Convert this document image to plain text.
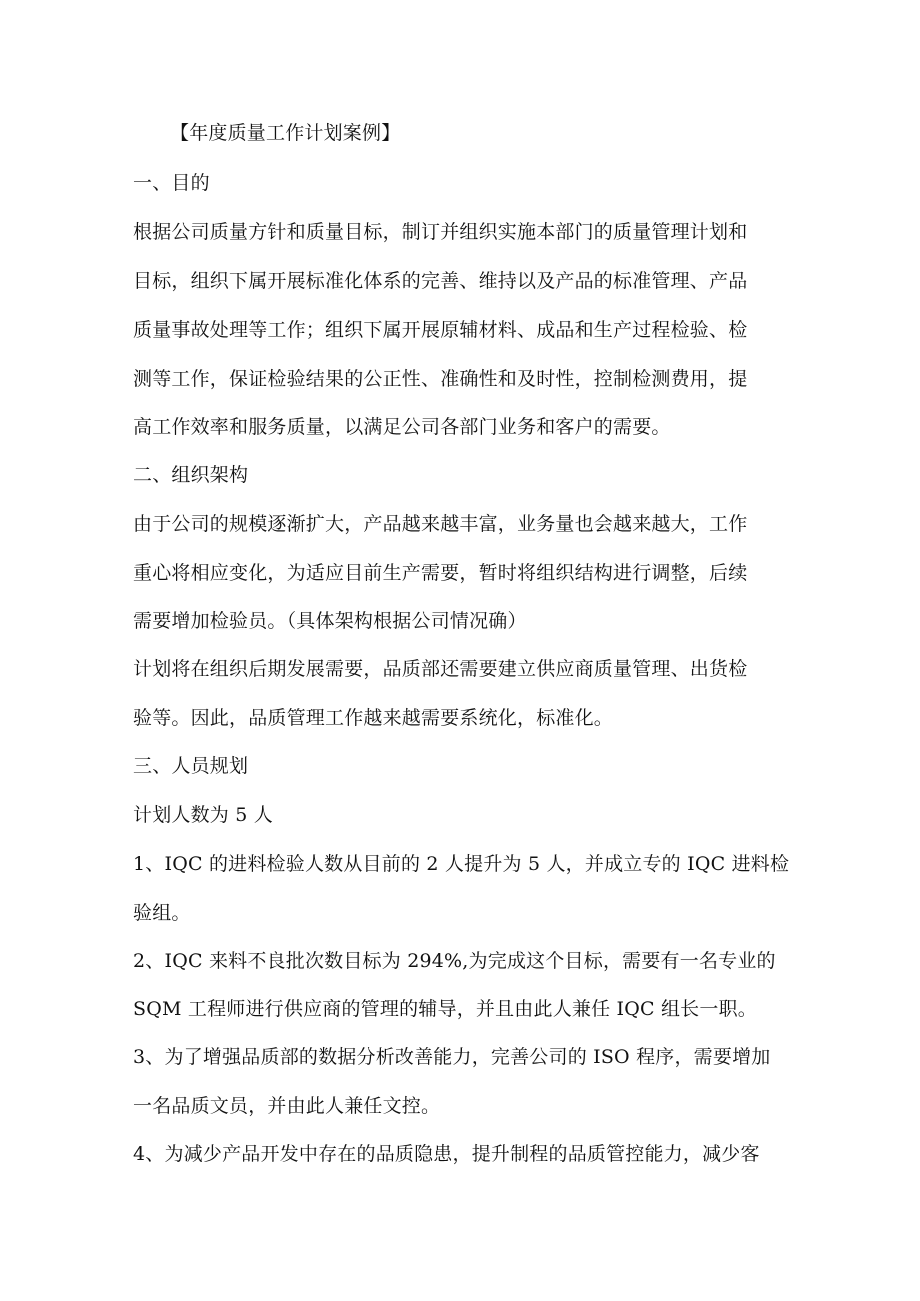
【年度质量工作计划案例】
一、目的
根据公司质量方针和质量目标，制订并组织实施本部门的质量管理计划和
目标，组织下属开展标准化体系的完善、维持以及产品的标准管理、产品
质量事故处理等工作；组织下属开展原辅材料、成品和生产过程检验、检
测等工作，保证检验结果的公正性、准确性和及时性，控制检测费用，提
高工作效率和服务质量，以满足公司各部门业务和客户的需要。
二、组织架构
由于公司的规模逐渐扩大，产品越来越丰富，业务量也会越来越大，工作
重心将相应变化，为适应目前生产需要，暂时将组织结构进行调整，后续
需要增加检验员。（具体架构根据公司情况确）
计划将在组织后期发展需要，品质部还需要建立供应商质量管理、出货检
验等。因此，品质管理工作越来越需要系统化，标准化。
三、人员规划
计划人数为 5 人
1、IQC 的进料检验人数从目前的 2 人提升为 5 人，并成立专的 IQC 进料检
验组。
2、IQC 来料不良批次数目标为 294%,为完成这个目标，需要有一名专业的
SQM 工程师进行供应商的管理的辅导，并且由此人兼任 IQC 组长一职。
3、为了增强品质部的数据分析改善能力，完善公司的 ISO 程序，需要增加
一名品质文员，并由此人兼任文控。
4、为减少产品开发中存在的品质隐患，提升制程的品质管控能力，减少客
